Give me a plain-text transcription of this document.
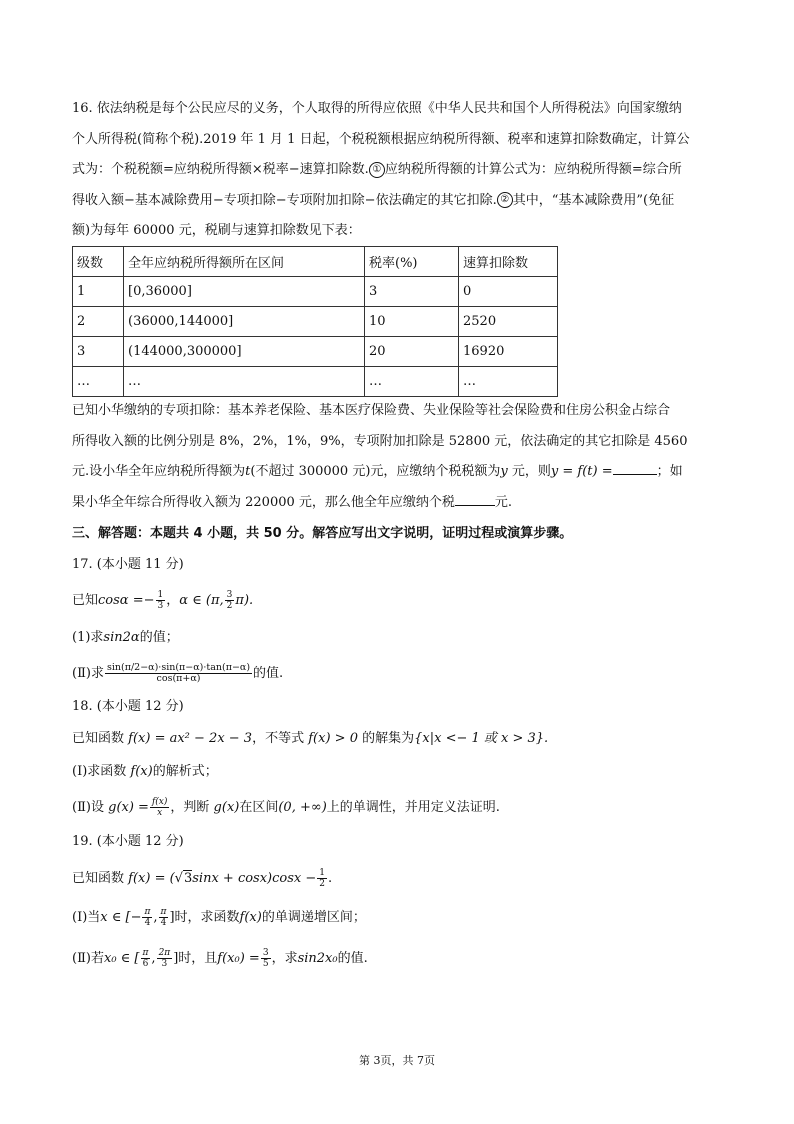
16. 依法纳税是每个公民应尽的义务，个人取得的所得应依照《中华人民共和国个人所得税法》向国家缴纳
个人所得税(简称个税).2019 年 1 月 1 日起，个税税额根据应纳税所得额、税率和速算扣除数确定，计算公
式为：个税税额=应纳税所得额×税率−速算扣除数. ① 应纳税所得额的计算公式为：应纳税所得额=综合所
得收入额−基本减除费用−专项扣除−专项附加扣除−依法确定的其它扣除. ② 其中，“基本减除费用”(免征
额)为每年 60000 元，税刷与速算扣除数见下表：
级数	全年应纳税所得额所在区间	税率(%)	速算扣除数
1	[0,36000]	3	0
2	(36000,144000]	10	2520
3	(144000,300000]	20	16920
…	…	…	…
已知小华缴纳的专项扣除：基本养老保险、基本医疗保险费、失业保险等社会保险费和住房公积金占综合
所得收入额的比例分别是 8%，2%，1%，9%，专项附加扣除是 52800 元，依法确定的其它扣除是 4560
元.设小华全年应纳税所得额为t(不超过 300000 元)元，应缴纳个税税额为y 元，则y = f(t) =	；如
果小华全年综合所得收入额为 220000 元，那么他全年应缴纳个税	元.
三、解答题：本题共 4 小题，共 50 分。解答应写出文字说明，证明过程或演算步骤。
17. (本小题 11 分)
已知$\cos\alpha =- \frac{1}{3}$ ，α ∈ (π, $\frac{3}{2} \pi$).
(1)求sin2α的值；
(Ⅱ)求 $\frac{\sin(\pi/2-\alpha)\cdot\sin(\pi-\alpha)\cdot\tan(\pi-\alpha)}{\cos(\pi+\alpha)}$ 的值.
18. (本小题 12 分)
已知函数 f(x) = ax² − 2x − 3，不等式 f(x) > 0 的解集为{x|x <− 1 或 x > 3}.
(Ⅰ)求函数 f(x)的解析式；
(Ⅱ)设 $g(x) = \frac{f(x)}{x}$ ，判断 g(x)在区间(0, +∞)上的单调性，并用定义法证明.
19. (本小题 12 分)
已知函数 $f(x) = (√3\sin x + \cos x)\cos x - \frac{1}{2}$ .
(Ⅰ)当x ∈ [− $\frac{\pi}{4}$ , $\frac{\pi}{4}$ ]时，求函数f(x)的单调递增区间；
(Ⅱ)若x₀ ∈ [ $\frac{\pi}{6}$ , $\frac{2\pi}{3}$ ]时，且$f(x_0) = \frac{3}{5}$ ，求sin2x₀的值.
第 3页，共 7页
